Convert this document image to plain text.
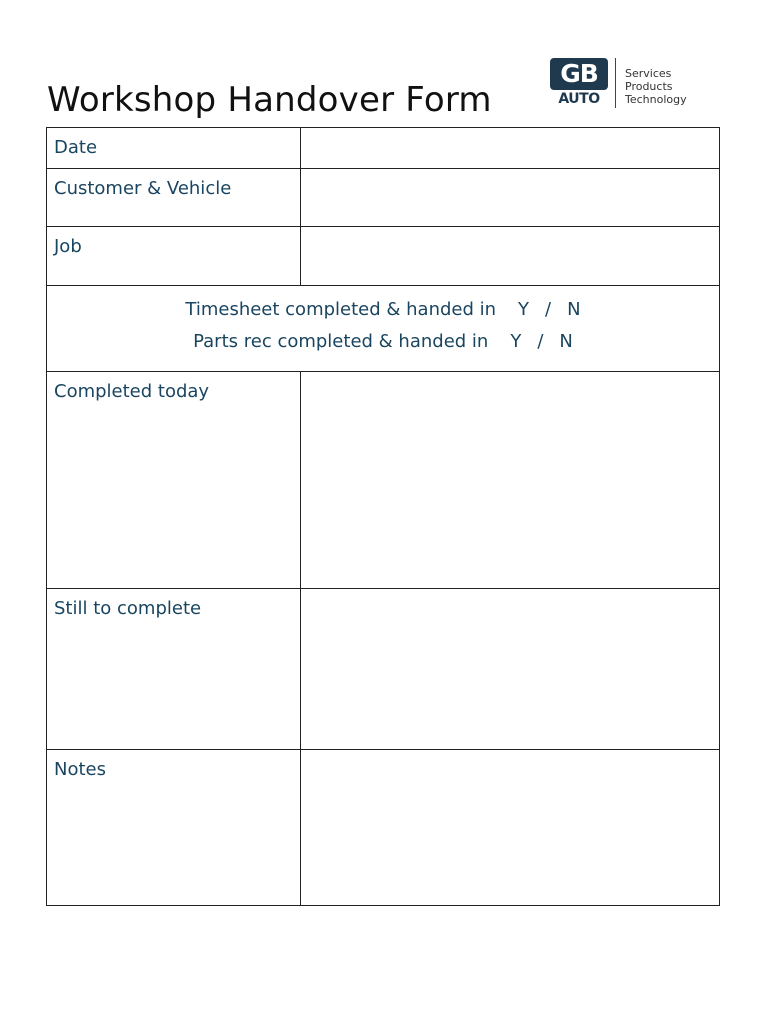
Workshop Handover Form
GB
AUTO
Services
Products
Technology
Date	

Customer & Vehicle	

Job	

Timesheet completed & handed in Y / N
Parts rec completed & handed in Y / N	

Completed today	

Still to complete	

Notes	
